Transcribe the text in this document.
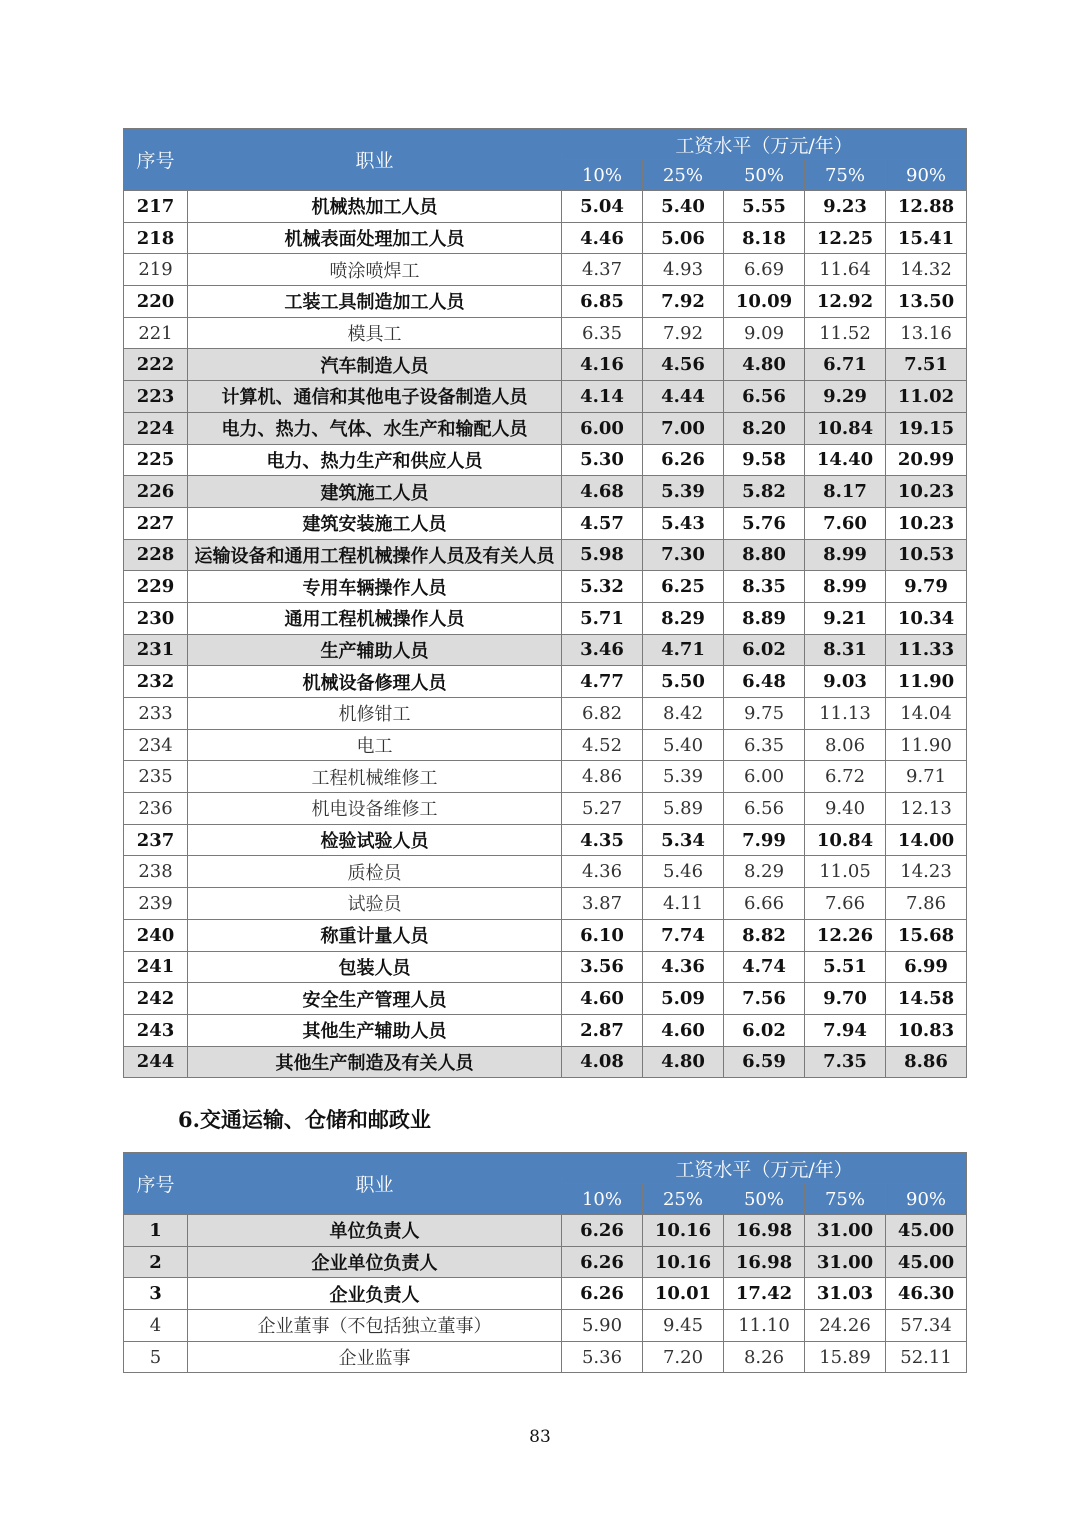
序号	职业	工资水平（万元/年）				
		10%	25%	50%	75%	90%
217	机械热加工人员	5.04	5.40	5.55	9.23	12.88
218	机械表面处理加工人员	4.46	5.06	8.18	12.25	15.41
219	喷涂喷焊工	4.37	4.93	6.69	11.64	14.32
220	工装工具制造加工人员	6.85	7.92	10.09	12.92	13.50
221	模具工	6.35	7.92	9.09	11.52	13.16
222	汽车制造人员	4.16	4.56	4.80	6.71	7.51
223	计算机、通信和其他电子设备制造人员	4.14	4.44	6.56	9.29	11.02
224	电力、热力、气体、水生产和输配人员	6.00	7.00	8.20	10.84	19.15
225	电力、热力生产和供应人员	5.30	6.26	9.58	14.40	20.99
226	建筑施工人员	4.68	5.39	5.82	8.17	10.23
227	建筑安装施工人员	4.57	5.43	5.76	7.60	10.23
228	运输设备和通用工程机械操作人员及有关人员	5.98	7.30	8.80	8.99	10.53
229	专用车辆操作人员	5.32	6.25	8.35	8.99	9.79
230	通用工程机械操作人员	5.71	8.29	8.89	9.21	10.34
231	生产辅助人员	3.46	4.71	6.02	8.31	11.33
232	机械设备修理人员	4.77	5.50	6.48	9.03	11.90
233	机修钳工	6.82	8.42	9.75	11.13	14.04
234	电工	4.52	5.40	6.35	8.06	11.90
235	工程机械维修工	4.86	5.39	6.00	6.72	9.71
236	机电设备维修工	5.27	5.89	6.56	9.40	12.13
237	检验试验人员	4.35	5.34	7.99	10.84	14.00
238	质检员	4.36	5.46	8.29	11.05	14.23
239	试验员	3.87	4.11	6.66	7.66	7.86
240	称重计量人员	6.10	7.74	8.82	12.26	15.68
241	包装人员	3.56	4.36	4.74	5.51	6.99
242	安全生产管理人员	4.60	5.09	7.56	9.70	14.58
243	其他生产辅助人员	2.87	4.60	6.02	7.94	10.83
244	其他生产制造及有关人员	4.08	4.80	6.59	7.35	8.86
6.交通运输、仓储和邮政业
序号	职业	工资水平（万元/年）				
		10%	25%	50%	75%	90%
1	单位负责人	6.26	10.16	16.98	31.00	45.00
2	企业单位负责人	6.26	10.16	16.98	31.00	45.00
3	企业负责人	6.26	10.01	17.42	31.03	46.30
4	企业董事（不包括独立董事）	5.90	9.45	11.10	24.26	57.34
5	企业监事	5.36	7.20	8.26	15.89	52.11
83
